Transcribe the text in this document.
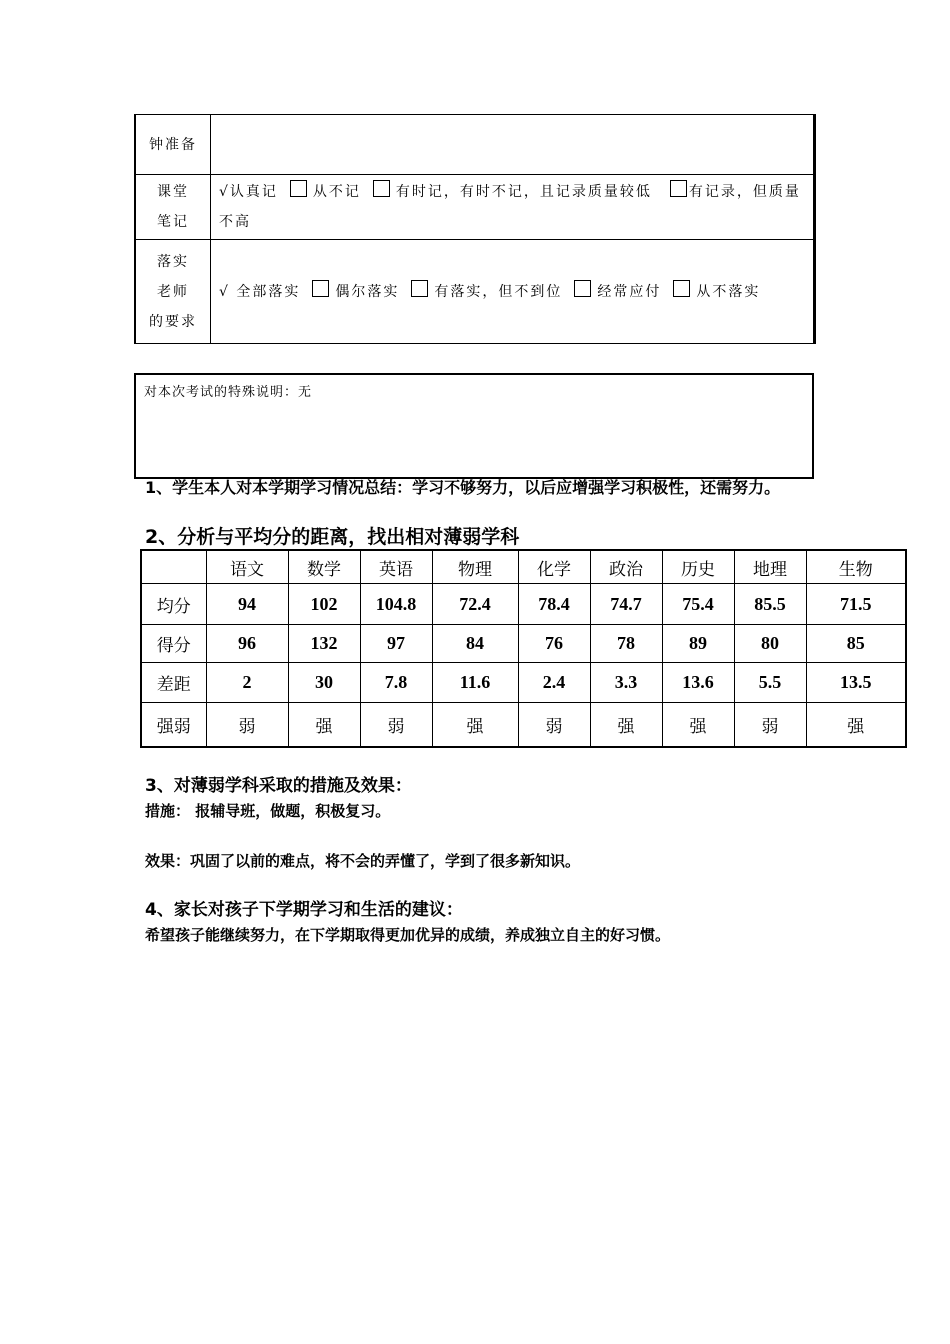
钟准备	
课堂
笔记	√认真记 从不记 有时记，有时不记，且记录质量较低 有记录，但质量不高
落实
老师
的要求	√ 全部落实 偶尔落实 有落实，但不到位 经常应付 从不落实
对本次考试的特殊说明：无
1、学生本人对本学期学习情况总结：学习不够努力，以后应增强学习积极性，还需努力。
2、分析与平均分的距离，找出相对薄弱学科
	语文	数学	英语	物理	化学	政治	历史	地理	生物
均分	94	102	104.8	72.4	78.4	74.7	75.4	85.5	71.5
得分	96	132	97	84	76	78	89	80	85
差距	2	30	7.8	11.6	2.4	3.3	13.6	5.5	13.5
强弱	弱	强	弱	强	弱	强	强	弱	强
3、对薄弱学科采取的措施及效果：
措施： 报辅导班，做题，积极复习。
效果：巩固了以前的难点，将不会的弄懂了，学到了很多新知识。
4、家长对孩子下学期学习和生活的建议：
希望孩子能继续努力，在下学期取得更加优异的成绩，养成独立自主的好习惯。
